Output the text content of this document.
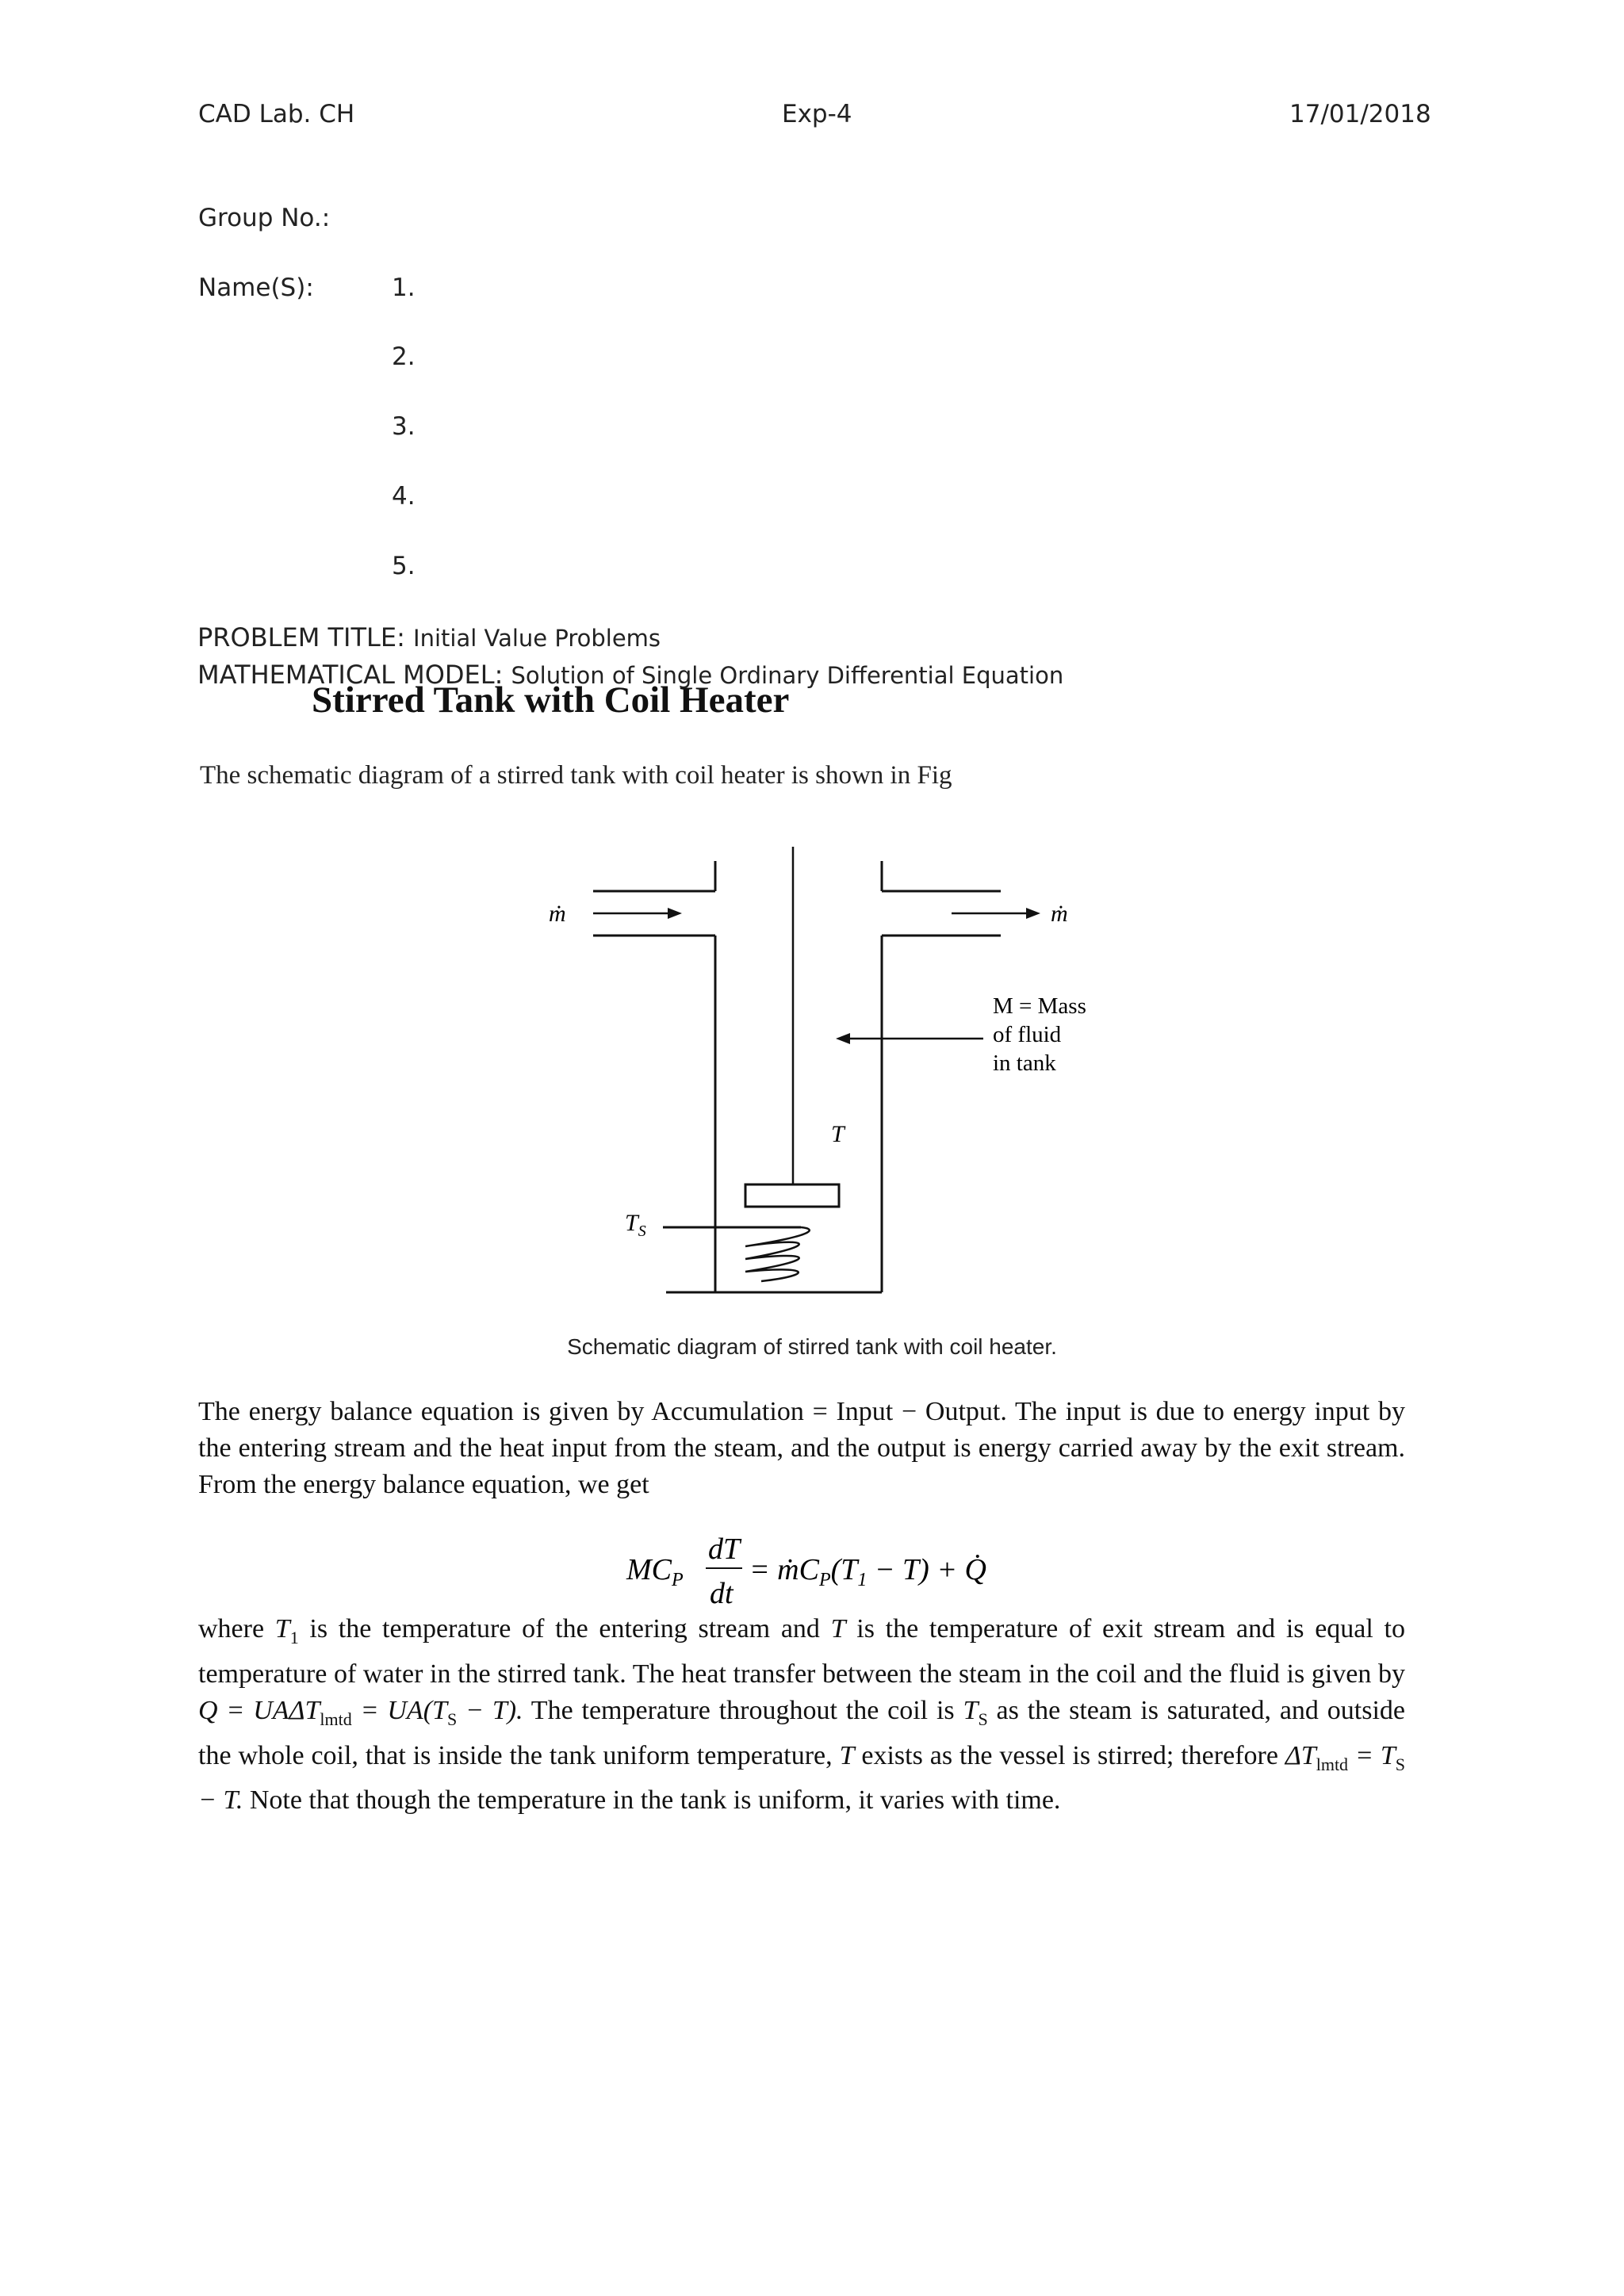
CAD Lab. CH	Exp-4	17/01/2018
Group No.:
Name(S):	1.
2.
3.
4.
5.
PROBLEM TITLE: Initial Value Problems
MATHEMATICAL MODEL: Solution of Single Ordinary Differential Equation
Stirred Tank with Coil Heater
The schematic diagram of a stirred tank with coil heater is shown in Fig
ṁ	ṁ
M = Mass
of fluid
in tank
T
$T_S$
Schematic diagram of stirred tank with coil heater.

The energy balance equation is given by Accumulation = Input − Output. The input is due to energy input by the entering stream and the heat input from the steam, and the output is energy carried away by the exit stream. From the energy balance equation, we get

$MC_P$
dT
dt
= $ṁC_P(T_1 - T)$ + Q̇

where $T_1$ is the temperature of the entering stream and T is the temperature of exit stream and is equal to temperature of water in the stirred tank. The heat transfer between the steam in the coil and the fluid is given by $Q = UA\Delta T_{lmtd} = UA(T_S - T)$. The temperature throughout the coil is $T_S$ as the steam is saturated, and outside the whole coil, that is inside the tank uniform temperature, T exists as the vessel is stirred; therefore $\Delta T_{lmtd} = T_S - T$. Note that though the temperature in the tank is uniform, it varies with time.
